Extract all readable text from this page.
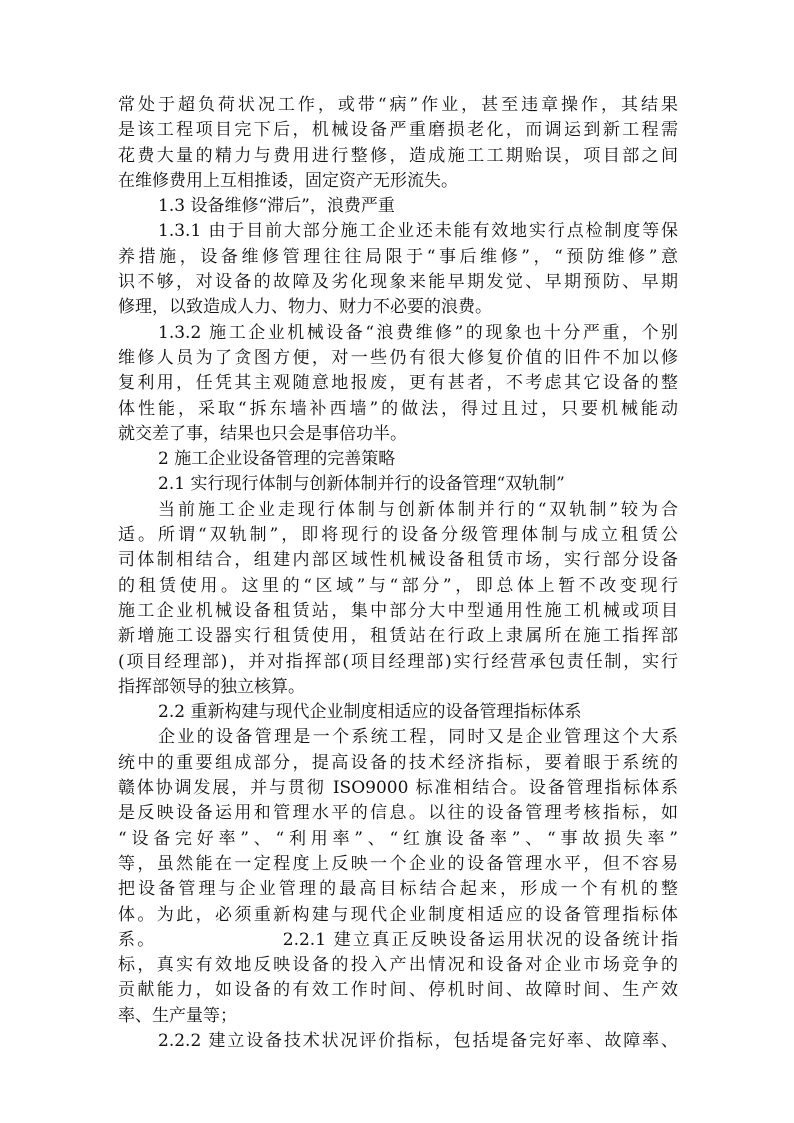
常处于超负荷状况工作，或带“病”作业，甚至违章操作，其结果
是该工程项目完下后，机械设备严重磨损老化，而调运到新工程需
花费大量的精力与费用进行整修，造成施工工期贻误，项目部之间
在维修费用上互相推诿，固定资产无形流失。
1.3 设备维修“滞后”，浪费严重
1.3.1 由于目前大部分施工企业还未能有效地实行点检制度等保
养措施，设备维修管理往往局限于“事后维修”，“预防维修”意
识不够，对设备的故障及劣化现象来能早期发觉、早期预防、早期
修理，以致造成人力、物力、财力不必要的浪费。
1.3.2 施工企业机械设备“浪费维修”的现象也十分严重，个别
维修人员为了贪图方便，对一些仍有很大修复价值的旧件不加以修
复利用，任凭其主观随意地报废，更有甚者，不考虑其它设备的整
体性能，采取“拆东墙补西墙”的做法，得过且过，只要机械能动
就交差了事，结果也只会是事倍功半。
2 施工企业设备管理的完善策略
2.1 实行现行体制与创新体制并行的设备管理“双轨制”
当前施工企业走现行体制与创新体制并行的“双轨制”较为合
适。所谓“双轨制”，即将现行的设备分级管理体制与成立租赁公
司体制相结合，组建内部区域性机械设备租赁市场，实行部分设备
的租赁使用。这里的“区域”与“部分”，即总体上暂不改变现行
施工企业机械设备租赁站，集中部分大中型通用性施工机械或项目
新增施工设器实行租赁使用，租赁站在行政上隶属所在施工指挥部
(项目经理部)，并对指挥部(项目经理部)实行经营承包责任制，实行
指挥部领导的独立核算。
2.2 重新构建与现代企业制度相适应的设备管理指标体系
企业的设备管理是一个系统工程，同时又是企业管理这个大系
统中的重要组成部分，提高设备的技术经济指标，要着眼于系统的
赣体协调发展，并与贯彻 ISO9000 标准相结合。设备管理指标体系
是反映设备运用和管理水平的信息。以往的设备管理考核指标，如
“设备完好率”、“利用率”、“红旗设备率”、“事故损失率”
等，虽然能在一定程度上反映一个企业的设备管理水平，但不容易
把设备管理与企业管理的最高目标结合起来，形成一个有机的整
体。为此，必须重新构建与现代企业制度相适应的设备管理指标体
系。　　　　　　　2.2.1 建立真正反映设备运用状况的设备统计指
标，真实有效地反映设备的投入产出情况和设备对企业市场竞争的
贡献能力，如设备的有效工作时间、停机时间、故障时间、生产效
率、生产量等；
2.2.2 建立设备技术状况评价指标，包括堤备完好率、故障率、
